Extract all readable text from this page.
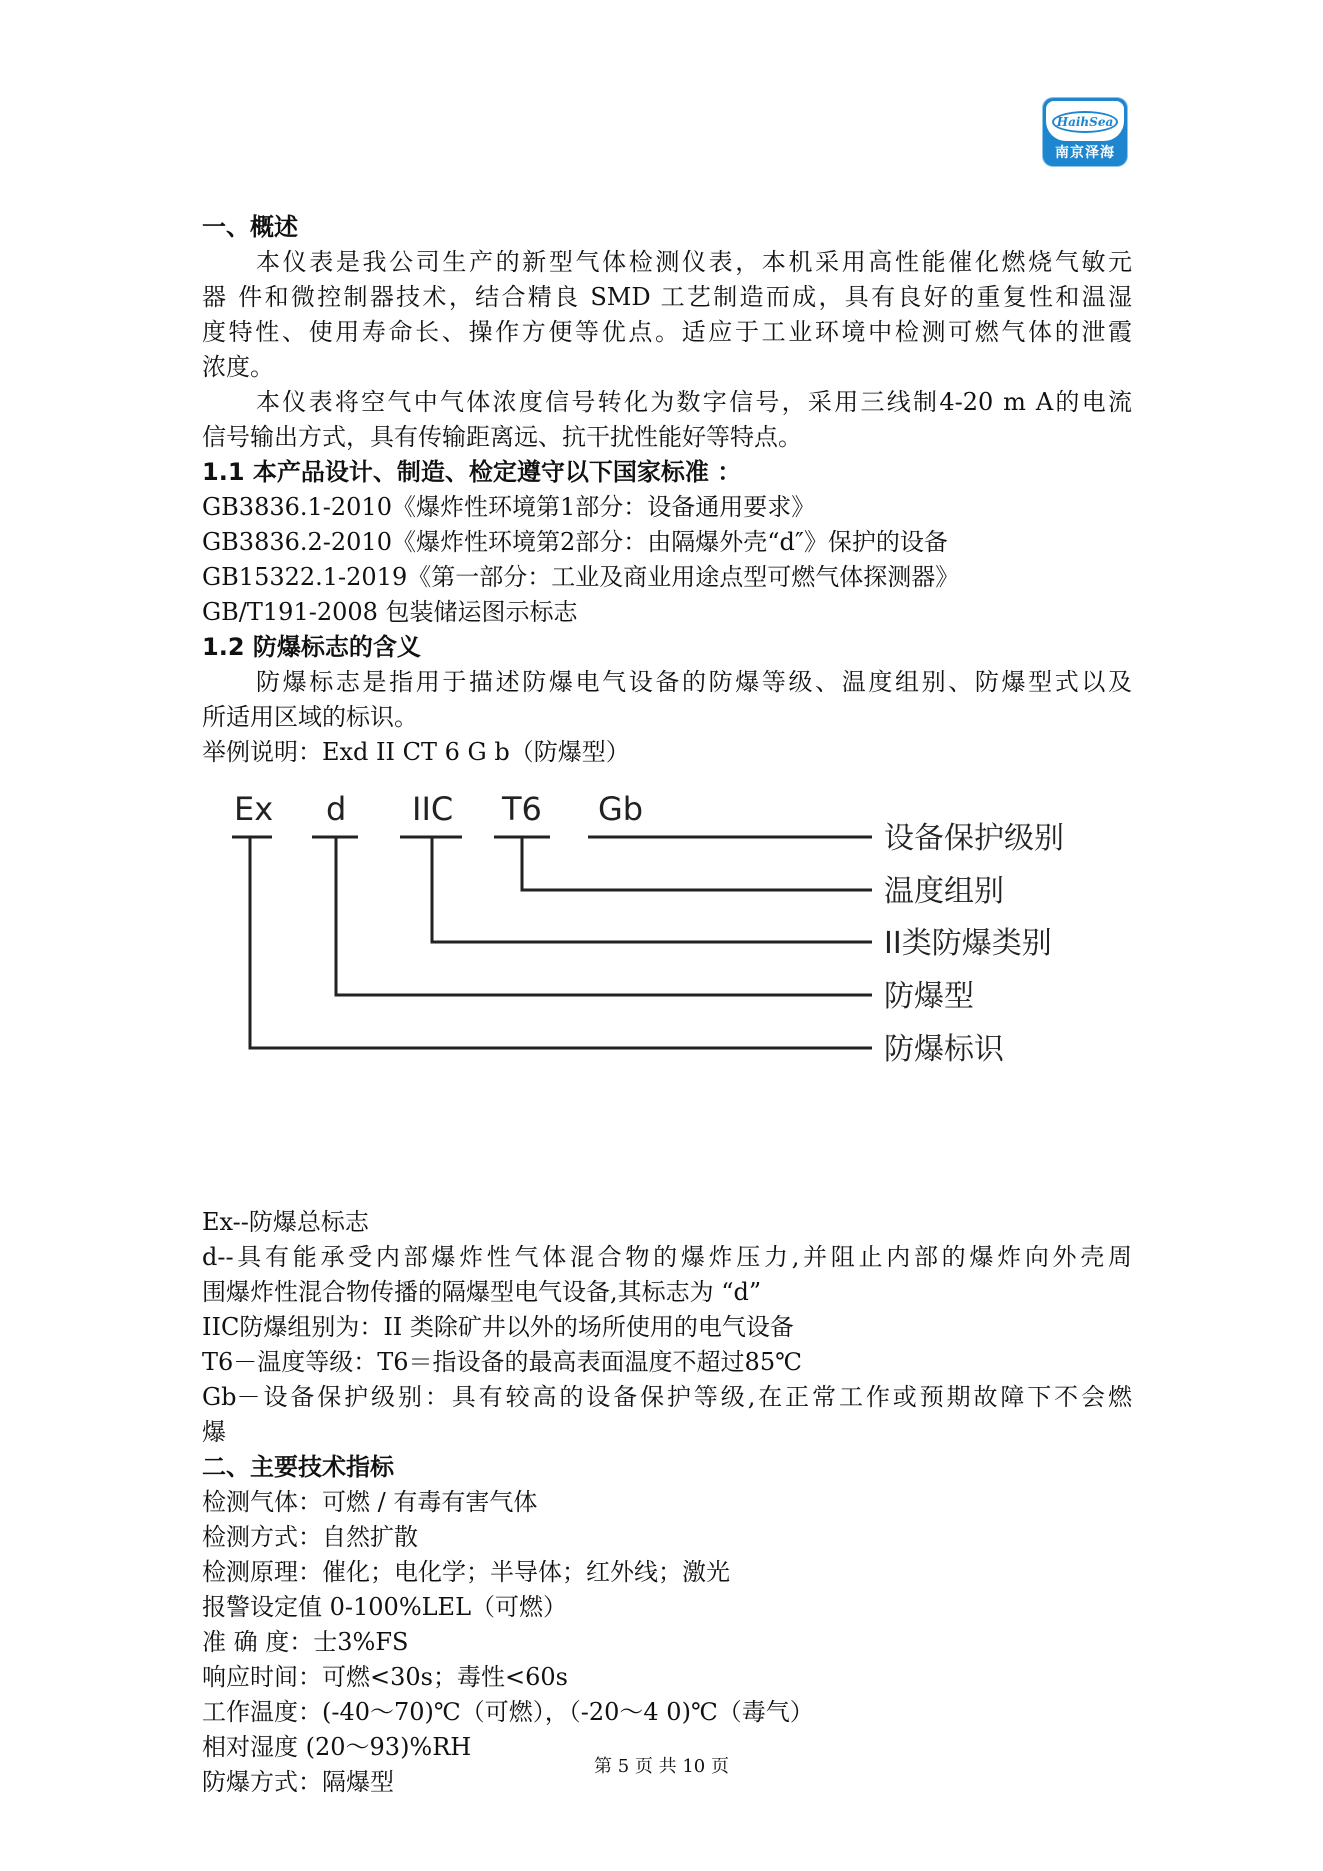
HaihSea
南京泽海
一、概述
本仪表是我公司生产的新型气体检测仪表，本机采用高性能催化燃烧气敏元
器 件和微控制器技术，结合精良 SMD 工艺制造而成，具有良好的重复性和温湿
度特性、使用寿命长、操作方便等优点。适应于工业环境中检测可燃气体的泄霞
浓度。
本仪表将空气中气体浓度信号转化为数字信号，采用三线制4-20 m A的电流
信号输出方式，具有传输距离远、抗干扰性能好等特点。
1.1 本产品设计、制造、检定遵守以下国家标准 ：
GB3836.1-2010《爆炸性环境第1部分：设备通用要求》
GB3836.2-2010《爆炸性环境第2部分：由隔爆外壳“d″》保护的设备
GB15322.1-2019《第一部分：工业及商业用途点型可燃气体探测器》
GB/T191-2008 包装储运图示标志
1.2 防爆标志的含义
防爆标志是指用于描述防爆电气设备的防爆等级、温度组别、防爆型式以及
所适用区域的标识。
举例说明：Exd II CT 6 G b（防爆型）
Ex--防爆总标志
d--具有能承受内部爆炸性气体混合物的爆炸压力,并阻止内部的爆炸向外壳周
围爆炸性混合物传播的隔爆型电气设备,其标志为 “d”
IIC防爆组别为：II 类除矿井以外的场所使用的电气设备
T6－温度等级：T6＝指设备的最高表面温度不超过85℃
Gb－设备保护级别：具有较高的设备保护等级,在正常工作或预期故障下不会燃
爆
二、主要技术指标
检测气体：可燃 / 有毒有害气体
检测方式：自然扩散
检测原理：催化；电化学；半导体；红外线；激光
报警设定值 0-100%LEL（可燃）
准 确 度：士3%FS
响应时间：可燃<30s；毒性<60s
工作温度：(-40～70)℃（可燃），（-20～4 0)℃（毒气）
相对湿度 (20～93)%RH
防爆方式：隔爆型
Ex d IIC T6 Gb
设备保护级别
温度组别
II类防爆类别
防爆型
防爆标识
第 5 页 共 10 页
